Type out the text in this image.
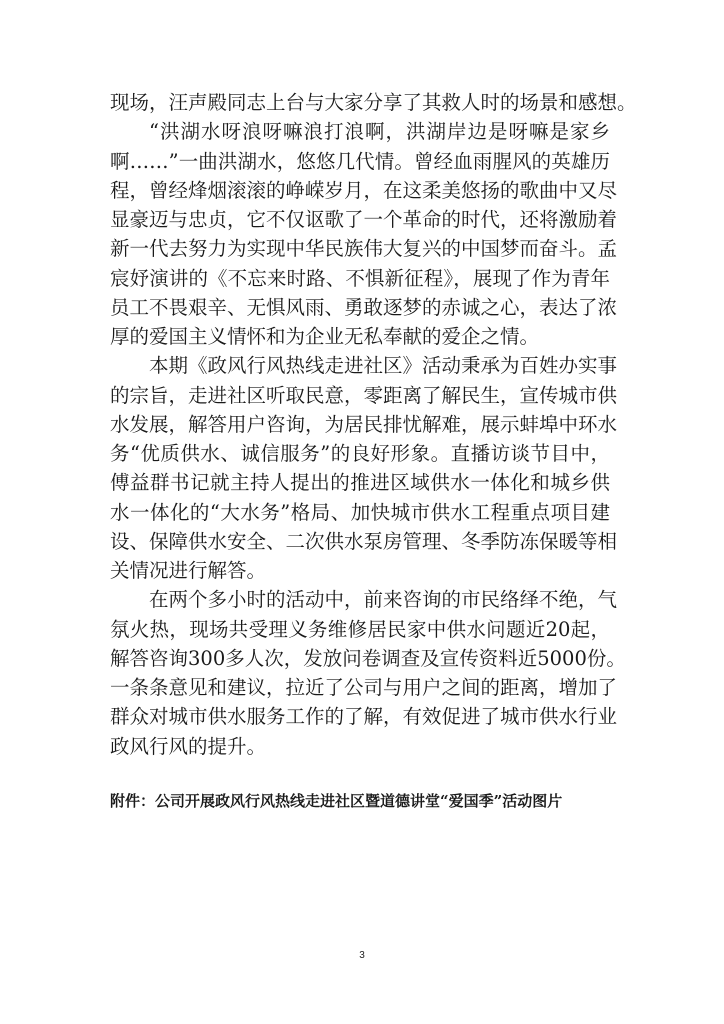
现场，汪声殿同志上台与大家分享了其救人时的场景和感想。
“洪湖水呀浪呀嘛浪打浪啊，洪湖岸边是呀嘛是家乡
啊……”一曲洪湖水，悠悠几代情。曾经血雨腥风的英雄历
程，曾经烽烟滚滚的峥嵘岁月，在这柔美悠扬的歌曲中又尽
显豪迈与忠贞，它不仅讴歌了一个革命的时代，还将激励着
新一代去努力为实现中华民族伟大复兴的中国梦而奋斗。孟
宸妤演讲的《不忘来时路、不惧新征程》，展现了作为青年
员工不畏艰辛、无惧风雨、勇敢逐梦的赤诚之心，表达了浓
厚的爱国主义情怀和为企业无私奉献的爱企之情。
本期《政风行风热线走进社区》活动秉承为百姓办实事
的宗旨，走进社区听取民意，零距离了解民生，宣传城市供
水发展，解答用户咨询，为居民排忧解难，展示蚌埠中环水
务“优质供水、诚信服务”的良好形象。直播访谈节目中，
傅益群书记就主持人提出的推进区域供水一体化和城乡供
水一体化的“大水务”格局、加快城市供水工程重点项目建
设、保障供水安全、二次供水泵房管理、冬季防冻保暖等相
关情况进行解答。
在两个多小时的活动中，前来咨询的市民络绎不绝，气
氛火热，现场共受理义务维修居民家中供水问题近20起，
解答咨询300多人次，发放问卷调查及宣传资料近5000份。
一条条意见和建议，拉近了公司与用户之间的距离，增加了
群众对城市供水服务工作的了解，有效促进了城市供水行业
政风行风的提升。
附件：公司开展政风行风热线走进社区暨道德讲堂“爱国季”活动图片
3
